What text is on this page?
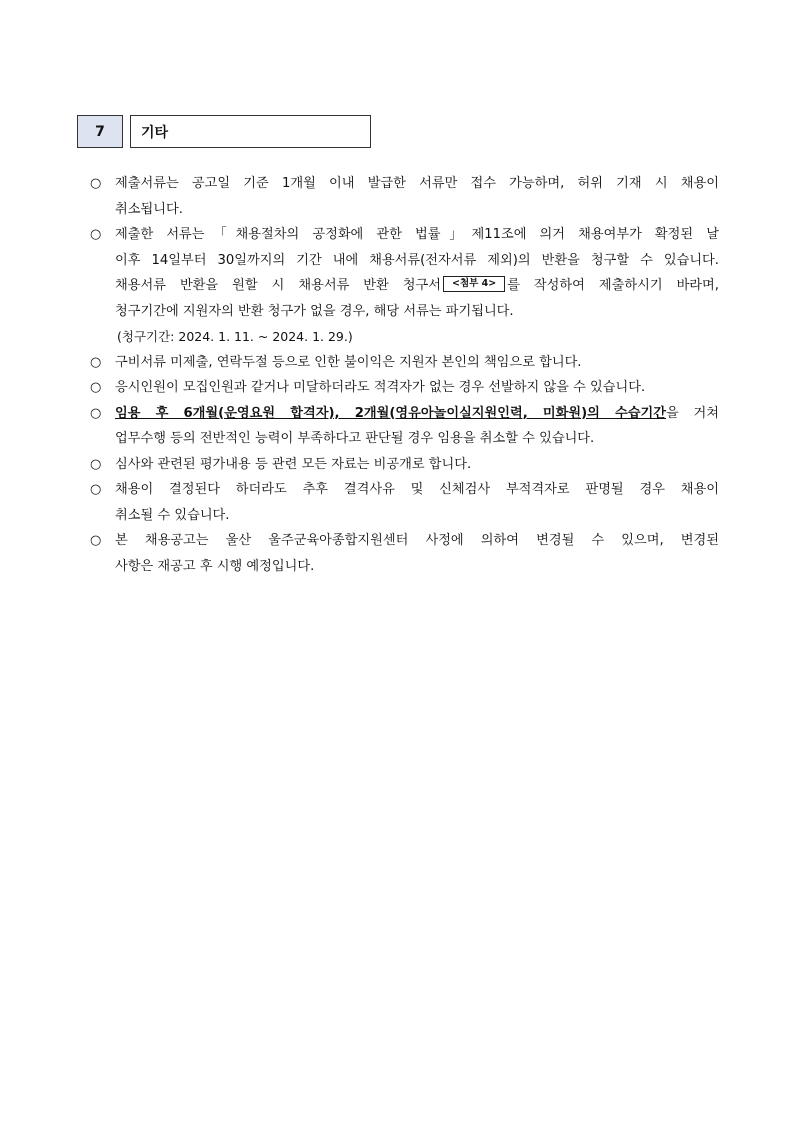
7	기타
○	제출서류는 공고일 기준 1개월 이내 발급한 서류만 접수 가능하며, 허위 기재 시 채용이
취소됩니다.
○	제출한 서류는「채용절차의 공정화에 관한 법률」제11조에 의거 채용여부가 확정된 날
이후 14일부터 30일까지의 기간 내에 채용서류(전자서류 제외)의 반환을 청구할 수 있습니다.
채용서류 반환을 원할 시 채용서류 반환 청구서 <첨부 4> 를 작성하여 제출하시기 바라며,
청구기간에 지원자의 반환 청구가 없을 경우, 해당 서류는 파기됩니다.
(청구기간: 2024. 1. 11. ~ 2024. 1. 29.)
○	구비서류 미제출, 연락두절 등으로 인한 불이익은 지원자 본인의 책임으로 합니다.
○	응시인원이 모집인원과 같거나 미달하더라도 적격자가 없는 경우 선발하지 않을 수 있습니다.
○	임용 후 6개월(운영요원 합격자), 2개월(영유아놀이실지원인력, 미화원)의 수습기간을 거쳐
업무수행 등의 전반적인 능력이 부족하다고 판단될 경우 임용을 취소할 수 있습니다.
○	심사와 관련된 평가내용 등 관련 모든 자료는 비공개로 합니다.
○	채용이 결정된다 하더라도 추후 결격사유 및 신체검사 부적격자로 판명될 경우 채용이
취소될 수 있습니다.
○	본 채용공고는 울산 울주군육아종합지원센터 사정에 의하여 변경될 수 있으며, 변경된
사항은 재공고 후 시행 예정입니다.
